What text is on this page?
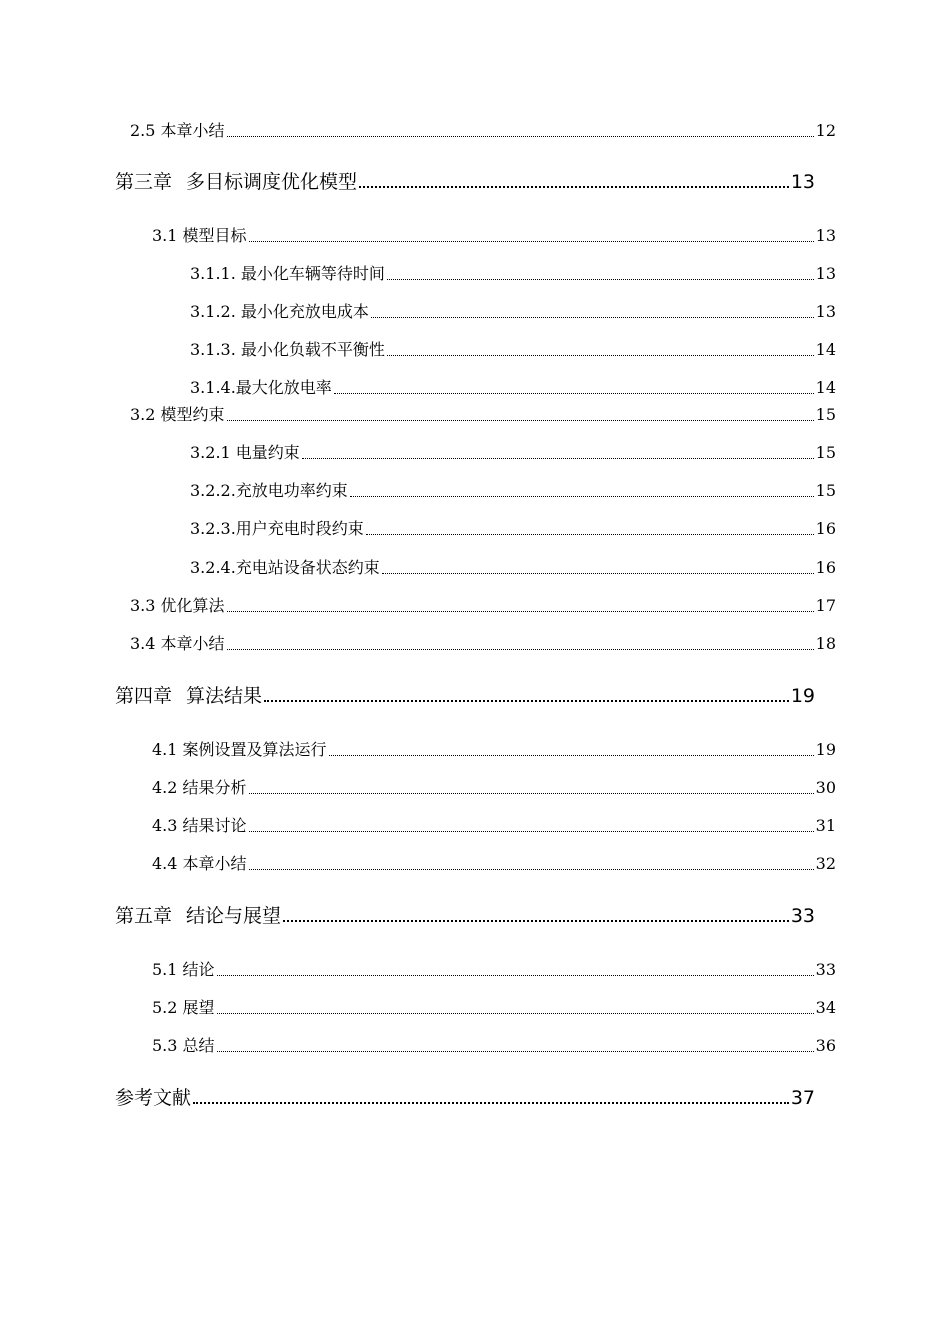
2.5 本章小结	12
第三章 多目标调度优化模型	13
3.1 模型目标	13
3.1.1. 最小化车辆等待时间	13
3.1.2. 最小化充放电成本	13
3.1.3. 最小化负载不平衡性	14
3.1.4.最大化放电率	14
3.2 模型约束	15
3.2.1 电量约束	15
3.2.2.充放电功率约束	15
3.2.3.用户充电时段约束	16
3.2.4.充电站设备状态约束	16
3.3 优化算法	17
3.4 本章小结	18
第四章 算法结果	19
4.1 案例设置及算法运行	19
4.2 结果分析	30
4.3 结果讨论	31
4.4 本章小结	32
第五章 结论与展望	33
5.1 结论	33
5.2 展望	34
5.3 总结	36
参考文献	37
